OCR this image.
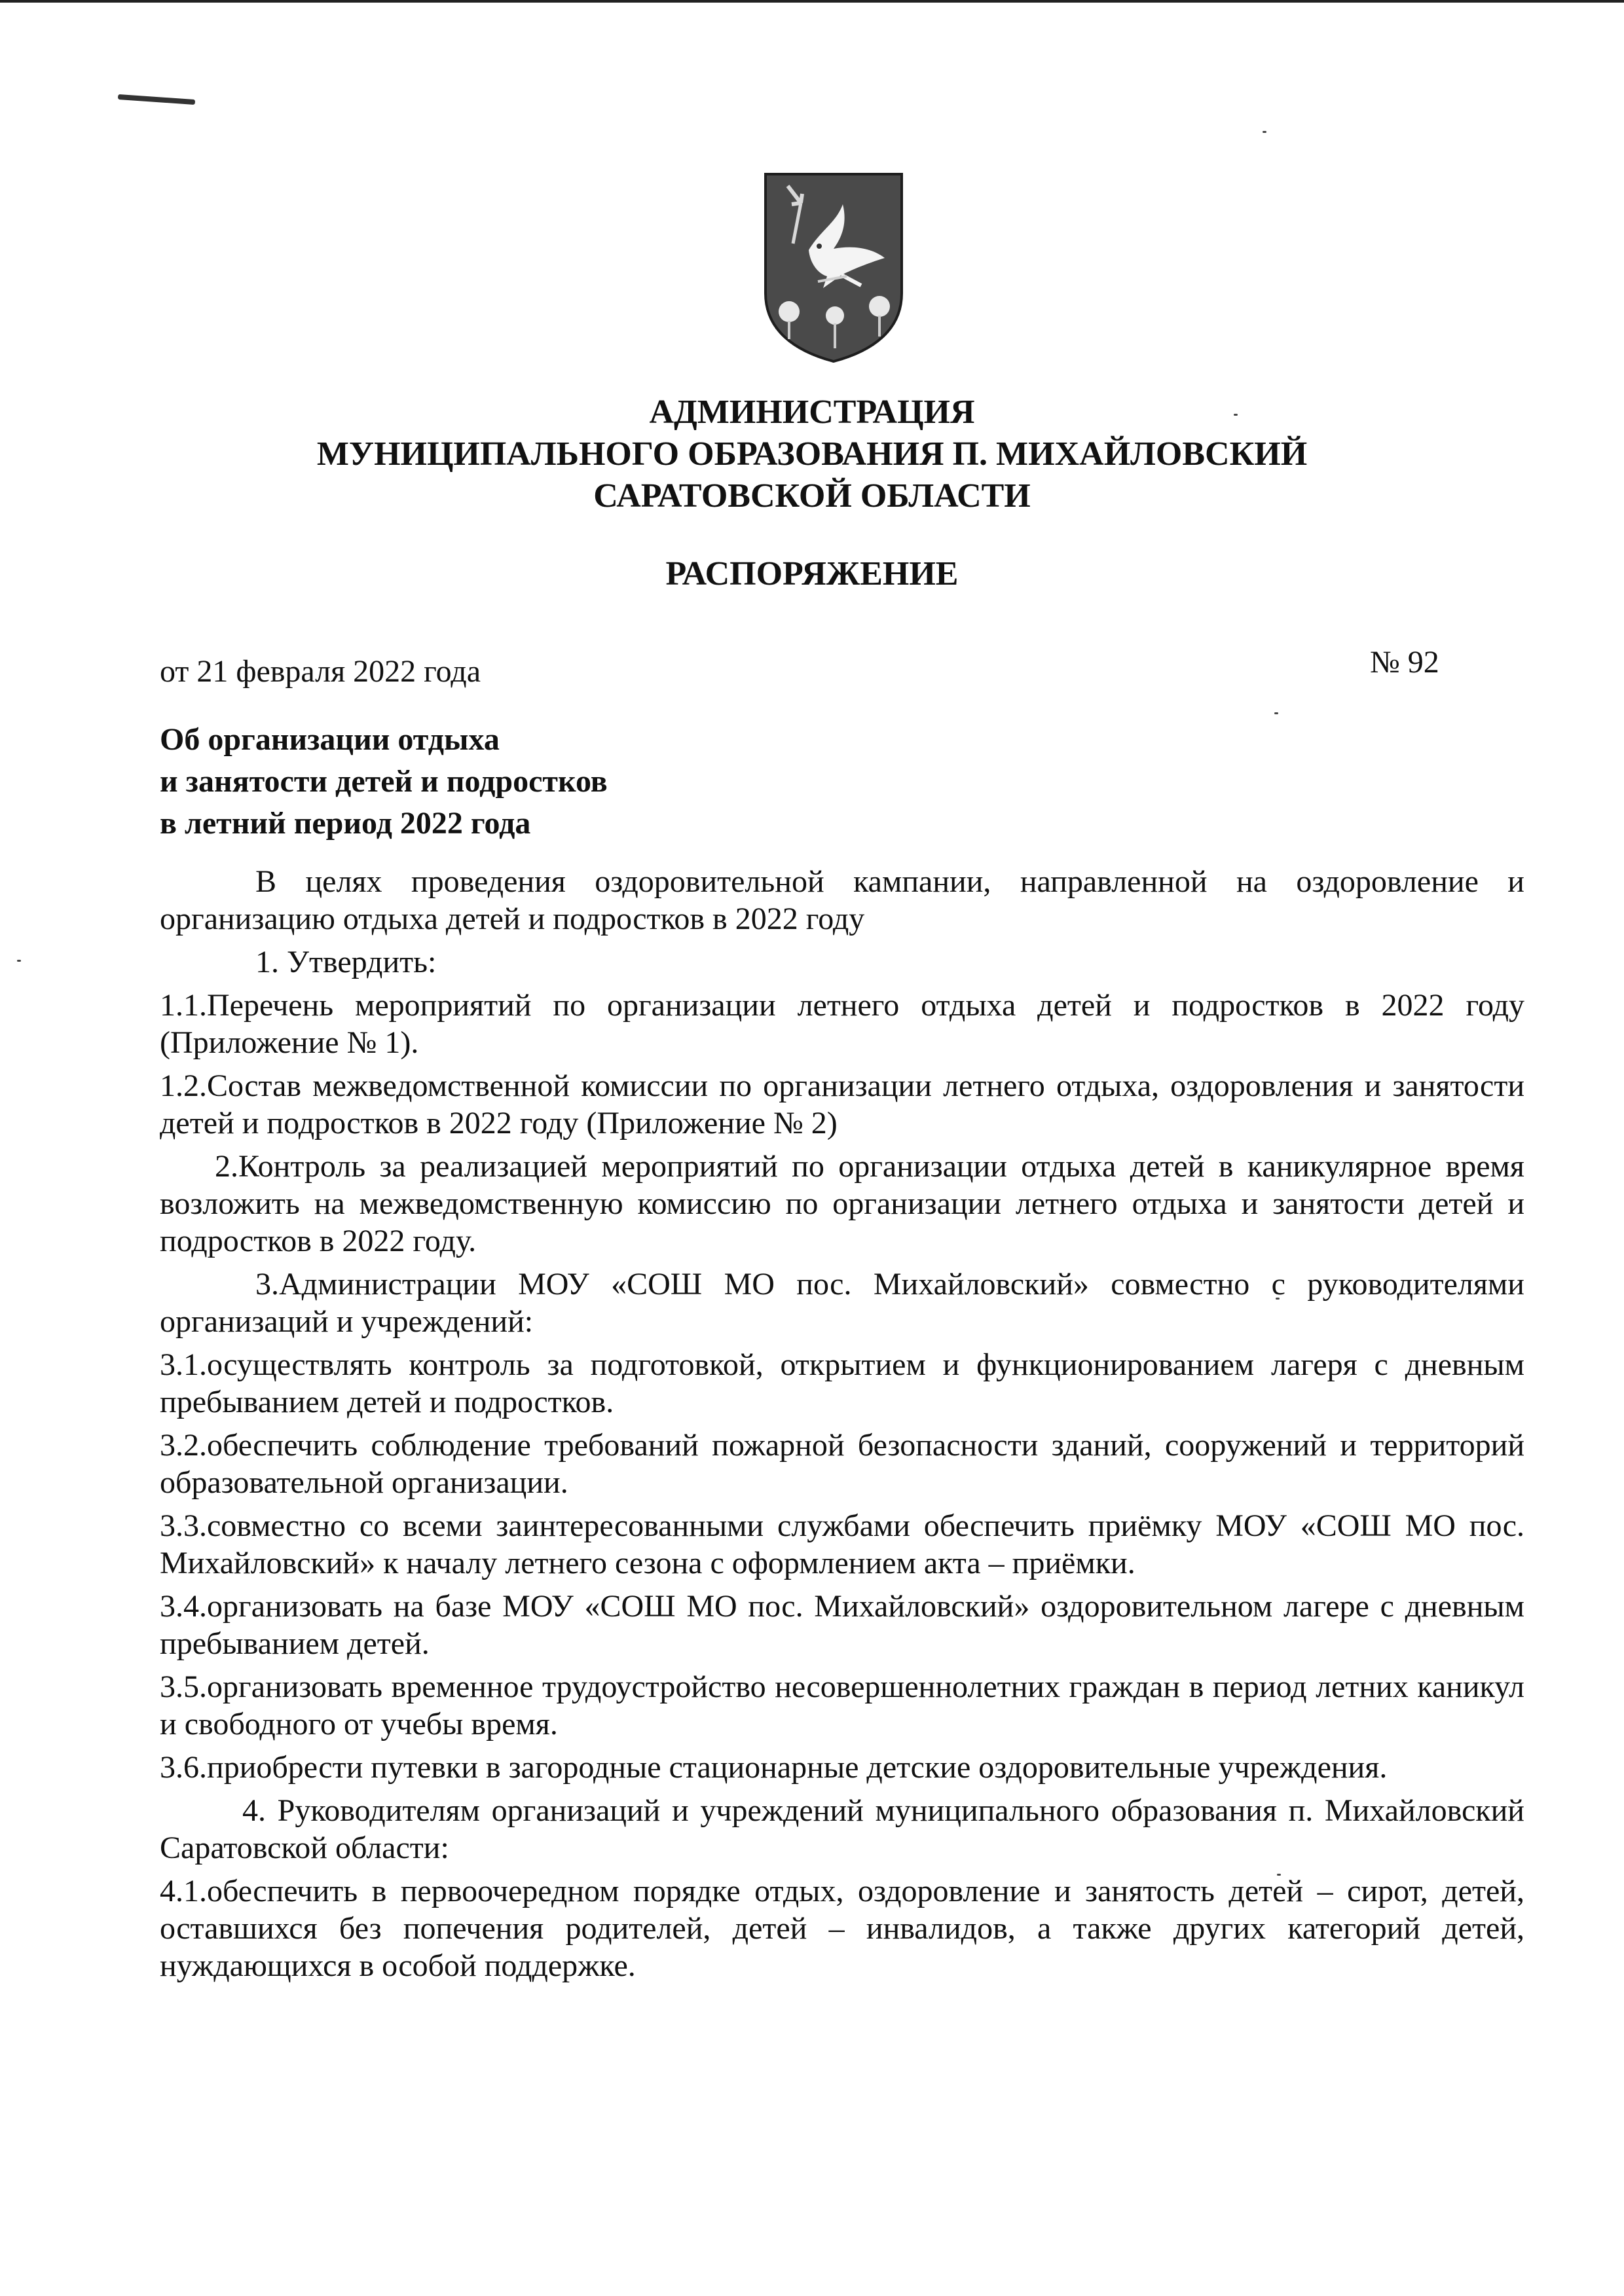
АДМИНИСТРАЦИЯ
МУНИЦИПАЛЬНОГО ОБРАЗОВАНИЯ П. МИХАЙЛОВСКИЙ
САРАТОВСКОЙ ОБЛАСТИ
РАСПОРЯЖЕНИЕ
от 21 февраля 2022 года	№ 92
Об организации отдыха
и занятости детей и подростков
в летний период 2022 года

В целях проведения оздоровительной кампании, направленной на оздоровление и организацию отдыха детей и подростков в 2022 году

1. Утвердить:

1.1.Перечень мероприятий по организации летнего отдыха детей и подростков в 2022 году (Приложение № 1).

1.2.Состав межведомственной комиссии по организации летнего отдыха, оздоровления и занятости детей и подростков в 2022 году (Приложение № 2)

2.Контроль за реализацией мероприятий по организации отдыха детей в каникулярное время возложить на межведомственную комиссию по организации летнего отдыха и занятости детей и подростков в 2022 году.

3.Администрации МОУ «СОШ МО пос. Михайловский» совместно с руководителями организаций и учреждений:

3.1.осуществлять контроль за подготовкой, открытием и функционированием лагеря с дневным пребыванием детей и подростков.

3.2.обеспечить соблюдение требований пожарной безопасности зданий, сооружений и территорий образовательной организации.

3.3.совместно со всеми заинтересованными службами обеспечить приёмку МОУ «СОШ МО пос. Михайловский» к началу летнего сезона с оформлением акта – приёмки.

3.4.организовать на базе МОУ «СОШ МО пос. Михайловский» оздоровительном лагере с дневным пребыванием детей.

3.5.организовать временное трудоустройство несовершеннолетних граждан в период летних каникул и свободного от учебы время.

3.6.приобрести путевки в загородные стационарные детские оздоровительные учреждения.

4. Руководителям организаций и учреждений муниципального образования п. Михайловский Саратовской области:

4.1.обеспечить в первоочередном порядке отдых, оздоровление и занятость детей – сирот, детей, оставшихся без попечения родителей, детей – инвалидов, а также других категорий детей, нуждающихся в особой поддержке.
